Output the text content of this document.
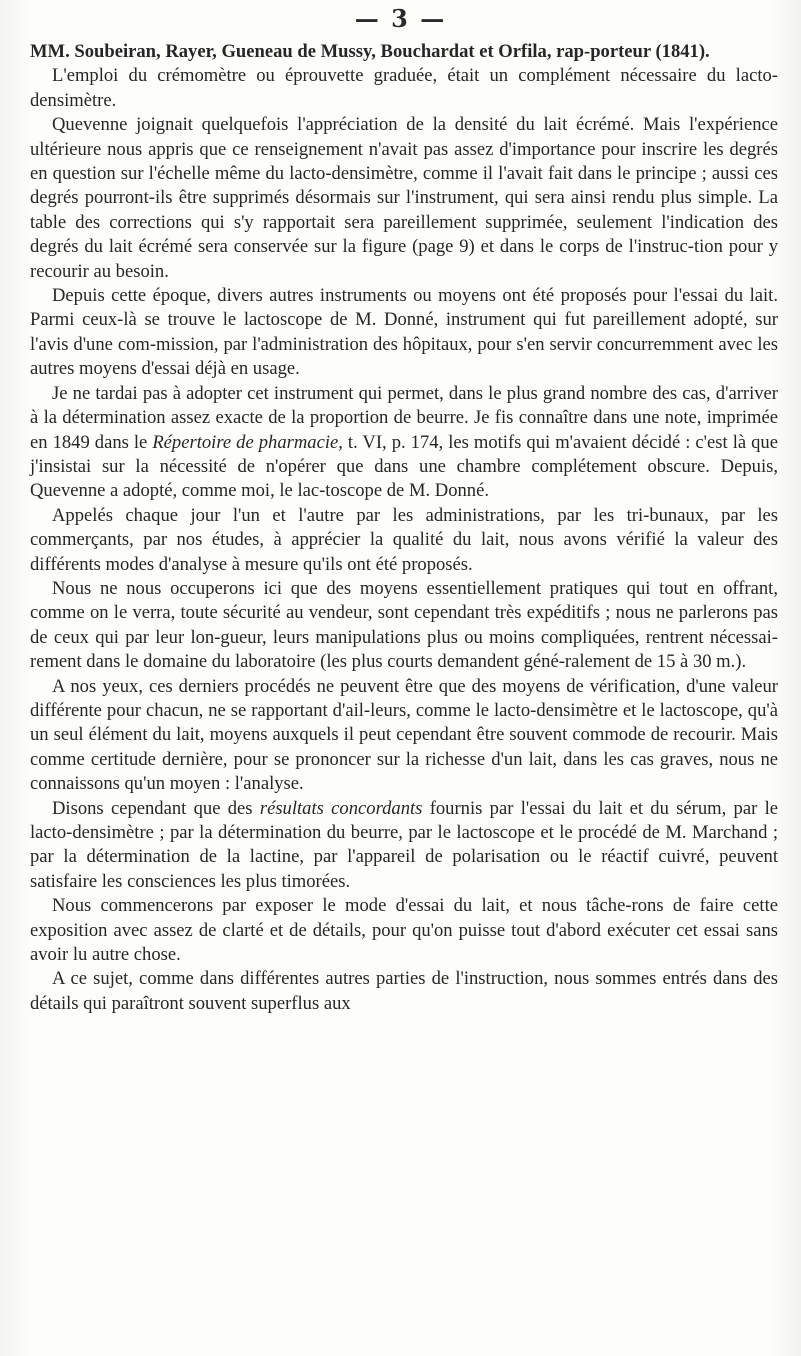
— 3 —

MM. Soubeiran, Rayer, Gueneau de Mussy, Bouchardat et Orfila, rap-porteur (1841).

L'emploi du crémomètre ou éprouvette graduée, était un complément nécessaire du lacto-densimètre.

Quevenne joignait quelquefois l'appréciation de la densité du lait écrémé. Mais l'expérience ultérieure nous appris que ce renseignement n'avait pas assez d'importance pour inscrire les degrés en question sur l'échelle même du lacto-densimètre, comme il l'avait fait dans le principe ; aussi ces degrés pourront-ils être supprimés désormais sur l'instrument, qui sera ainsi rendu plus simple. La table des corrections qui s'y rapportait sera pareillement supprimée, seulement l'indication des degrés du lait écrémé sera conservée sur la figure (page 9) et dans le corps de l'instruc-tion pour y recourir au besoin.

Depuis cette époque, divers autres instruments ou moyens ont été proposés pour l'essai du lait. Parmi ceux-là se trouve le lactoscope de M. Donné, instrument qui fut pareillement adopté, sur l'avis d'une com-mission, par l'administration des hôpitaux, pour s'en servir concurremment avec les autres moyens d'essai déjà en usage.

Je ne tardai pas à adopter cet instrument qui permet, dans le plus grand nombre des cas, d'arriver à la détermination assez exacte de la proportion de beurre. Je fis connaître dans une note, imprimée en 1849 dans le Répertoire de pharmacie, t. VI, p. 174, les motifs qui m'avaient décidé : c'est là que j'insistai sur la nécessité de n'opérer que dans une chambre complétement obscure. Depuis, Quevenne a adopté, comme moi, le lac-toscope de M. Donné.

Appelés chaque jour l'un et l'autre par les administrations, par les tri-bunaux, par les commerçants, par nos études, à apprécier la qualité du lait, nous avons vérifié la valeur des différents modes d'analyse à mesure qu'ils ont été proposés.

Nous ne nous occuperons ici que des moyens essentiellement pratiques qui tout en offrant, comme on le verra, toute sécurité au vendeur, sont cependant très expéditifs ; nous ne parlerons pas de ceux qui par leur lon-gueur, leurs manipulations plus ou moins compliquées, rentrent nécessai-rement dans le domaine du laboratoire (les plus courts demandent géné-ralement de 15 à 30 m.).

A nos yeux, ces derniers procédés ne peuvent être que des moyens de vérification, d'une valeur différente pour chacun, ne se rapportant d'ail-leurs, comme le lacto-densimètre et le lactoscope, qu'à un seul élément du lait, moyens auxquels il peut cependant être souvent commode de recourir. Mais comme certitude dernière, pour se prononcer sur la richesse d'un lait, dans les cas graves, nous ne connaissons qu'un moyen : l'analyse.

Disons cependant que des résultats concordants fournis par l'essai du lait et du sérum, par le lacto-densimètre ; par la détermination du beurre, par le lactoscope et le procédé de M. Marchand ; par la détermination de la lactine, par l'appareil de polarisation ou le réactif cuivré, peuvent satisfaire les consciences les plus timorées.

Nous commencerons par exposer le mode d'essai du lait, et nous tâche-rons de faire cette exposition avec assez de clarté et de détails, pour qu'on puisse tout d'abord exécuter cet essai sans avoir lu autre chose.

A ce sujet, comme dans différentes autres parties de l'instruction, nous sommes entrés dans des détails qui paraîtront souvent superflus aux
